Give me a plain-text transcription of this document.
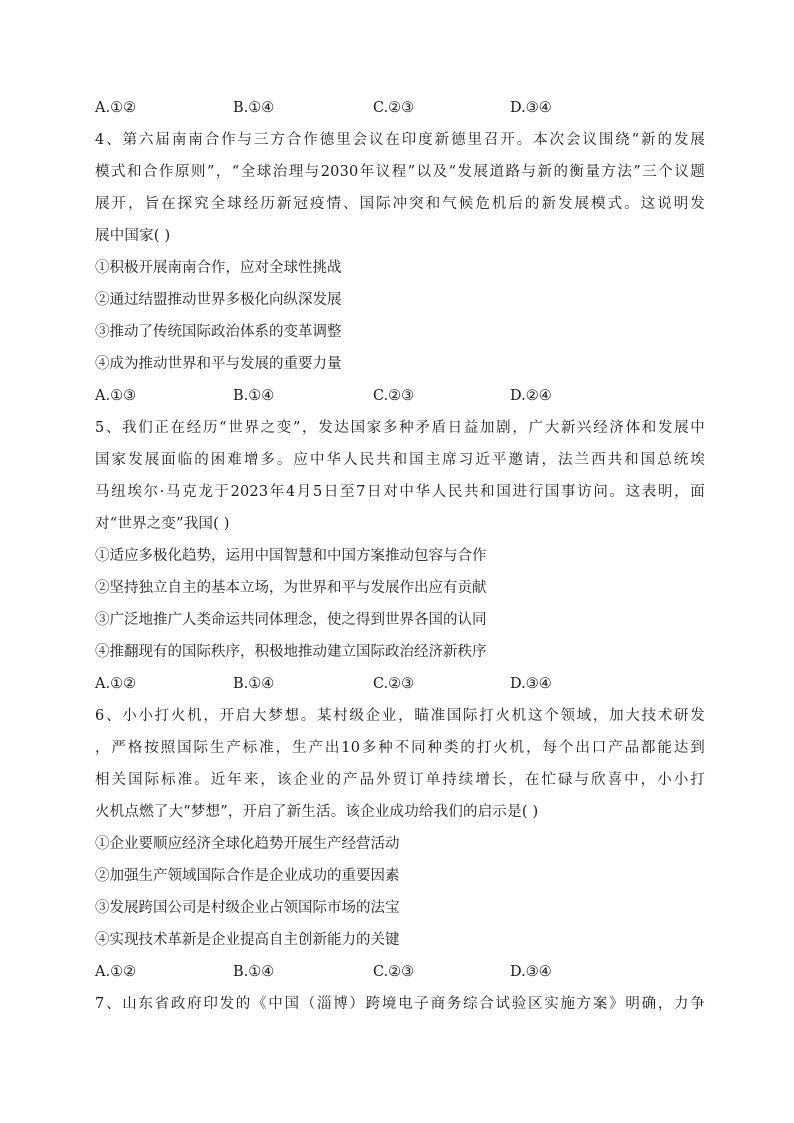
A.①②	B.①④	C.②③	D.③④
4、第六届南南合作与三方合作德里会议在印度新德里召开。本次会议围绕“新的发展
模式和合作原则”，“全球治理与2030年议程”以及“发展道路与新的衡量方法”三个议题
展开，旨在探究全球经历新冠疫情、国际冲突和气候危机后的新发展模式。这说明发
展中国家( )
①积极开展南南合作，应对全球性挑战
②通过结盟推动世界多极化向纵深发展
③推动了传统国际政治体系的变革调整
④成为推动世界和平与发展的重要力量
A.①③	B.①④	C.②③	D.②④
5、我们正在经历“世界之变”，发达国家多种矛盾日益加剧，广大新兴经济体和发展中
国家发展面临的困难增多。应中华人民共和国主席习近平邀请，法兰西共和国总统埃
马纽埃尔·马克龙于2023年4月5日至7日对中华人民共和国进行国事访问。这表明，面
对“世界之变”我国( )
①适应多极化趋势，运用中国智慧和中国方案推动包容与合作
②坚持独立自主的基本立场，为世界和平与发展作出应有贡献
③广泛地推广人类命运共同体理念，使之得到世界各国的认同
④推翻现有的国际秩序，积极地推动建立国际政治经济新秩序
A.①②	B.①④	C.②③	D.③④
6、小小打火机，开启大梦想。某村级企业，瞄准国际打火机这个领域，加大技术研发
，严格按照国际生产标准，生产出10多种不同种类的打火机，每个出口产品都能达到
相关国际标准。近年来，该企业的产品外贸订单持续增长，在忙碌与欣喜中，小小打
火机点燃了大“梦想”，开启了新生活。该企业成功给我们的启示是( )
①企业要顺应经济全球化趋势开展生产经营活动
②加强生产领域国际合作是企业成功的重要因素
③发展跨国公司是村级企业占领国际市场的法宝
④实现技术革新是企业提高自主创新能力的关键
A.①②	B.①④	C.②③	D.③④
7、山东省政府印发的《中国（淄博）跨境电子商务综合试验区实施方案》明确，力争
